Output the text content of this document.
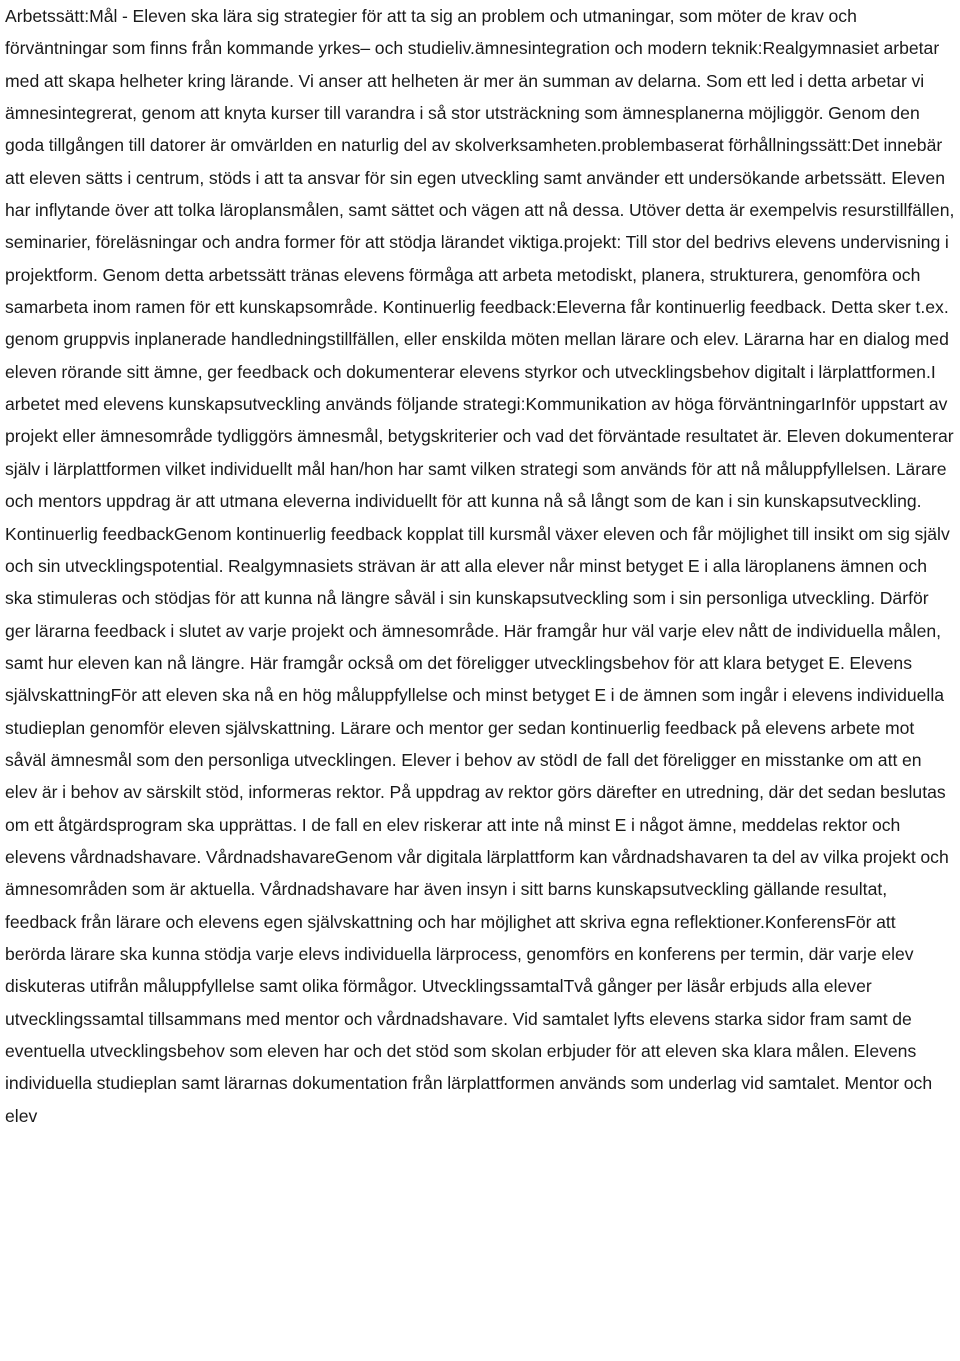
Arbetssätt:Mål - Eleven ska lära sig strategier för att ta sig an problem och utmaningar, som möter de krav och förväntningar som finns från kommande yrkes– och studieliv.ämnesintegration och modern teknik:Realgymnasiet arbetar med att skapa helheter kring lärande. Vi anser att helheten är mer än summan av delarna. Som ett led i detta arbetar vi ämnesintegrerat, genom att knyta kurser till varandra i så stor utsträckning som ämnesplanerna möjliggör. Genom den goda tillgången till datorer är omvärlden en naturlig del av skolverksamheten.problembaserat förhållningssätt:Det innebär att eleven sätts i centrum, stöds i att ta ansvar för sin egen utveckling samt använder ett undersökande arbetssätt. Eleven har inflytande över att tolka läroplansmålen, samt sättet och vägen att nå dessa. Utöver detta är exempelvis resurstillfällen, seminarier, föreläsningar och andra former för att stödja lärandet viktiga.projekt: Till stor del bedrivs elevens undervisning i projektform. Genom detta arbetssätt tränas elevens förmåga att arbeta metodiskt, planera, strukturera, genomföra och samarbeta inom ramen för ett kunskapsområde. Kontinuerlig feedback:Eleverna får kontinuerlig feedback. Detta sker t.ex. genom gruppvis inplanerade handledningstillfällen, eller enskilda möten mellan lärare och elev. Lärarna har en dialog med eleven rörande sitt ämne, ger feedback och dokumenterar elevens styrkor och utvecklingsbehov digitalt i lärplattformen.I arbetet med elevens kunskapsutveckling används följande strategi:Kommunikation av höga förväntningarInför uppstart av projekt eller ämnesområde tydliggörs ämnesmål, betygskriterier och vad det förväntade resultatet är. Eleven dokumenterar själv i lärplattformen vilket individuellt mål han/hon har samt vilken strategi som används för att nå måluppfyllelsen. Lärare och mentors uppdrag är att utmana eleverna individuellt för att kunna nå så långt som de kan i sin kunskapsutveckling. Kontinuerlig feedbackGenom kontinuerlig feedback kopplat till kursmål växer eleven och får möjlighet till insikt om sig själv och sin utvecklingspotential. Realgymnasiets strävan är att alla elever når minst betyget E i alla läroplanens ämnen och ska stimuleras och stödjas för att kunna nå längre såväl i sin kunskapsutveckling som i sin personliga utveckling. Därför ger lärarna feedback i slutet av varje projekt och ämnesområde. Här framgår hur väl varje elev nått de individuella målen, samt hur eleven kan nå längre. Här framgår också om det föreligger utvecklingsbehov för att klara betyget E. Elevens självskattningFör att eleven ska nå en hög måluppfyllelse och minst betyget E i de ämnen som ingår i elevens individuella studieplan genomför eleven självskattning. Lärare och mentor ger sedan kontinuerlig feedback på elevens arbete mot såväl ämnesmål som den personliga utvecklingen. Elever i behov av stödI de fall det föreligger en misstanke om att en elev är i behov av särskilt stöd, informeras rektor. På uppdrag av rektor görs därefter en utredning, där det sedan beslutas om ett åtgärdsprogram ska upprättas. I de fall en elev riskerar att inte nå minst E i något ämne, meddelas rektor och elevens vårdnadshavare. VårdnadshavareGenom vår digitala lärplattform kan vårdnadshavaren ta del av vilka projekt och ämnesområden som är aktuella. Vårdnadshavare har även insyn i sitt barns kunskapsutveckling gällande resultat, feedback från lärare och elevens egen självskattning och har möjlighet att skriva egna reflektioner.KonferensFör att berörda lärare ska kunna stödja varje elevs individuella lärprocess, genomförs en konferens per termin, där varje elev diskuteras utifrån måluppfyllelse samt olika förmågor. UtvecklingssamtalTvå gånger per läsår erbjuds alla elever utvecklingssamtal tillsammans med mentor och vårdnadshavare. Vid samtalet lyfts elevens starka sidor fram samt de eventuella utvecklingsbehov som eleven har och det stöd som skolan erbjuder för att eleven ska klara målen. Elevens individuella studieplan samt lärarnas dokumentation från lärplattformen används som underlag vid samtalet. Mentor och elev
